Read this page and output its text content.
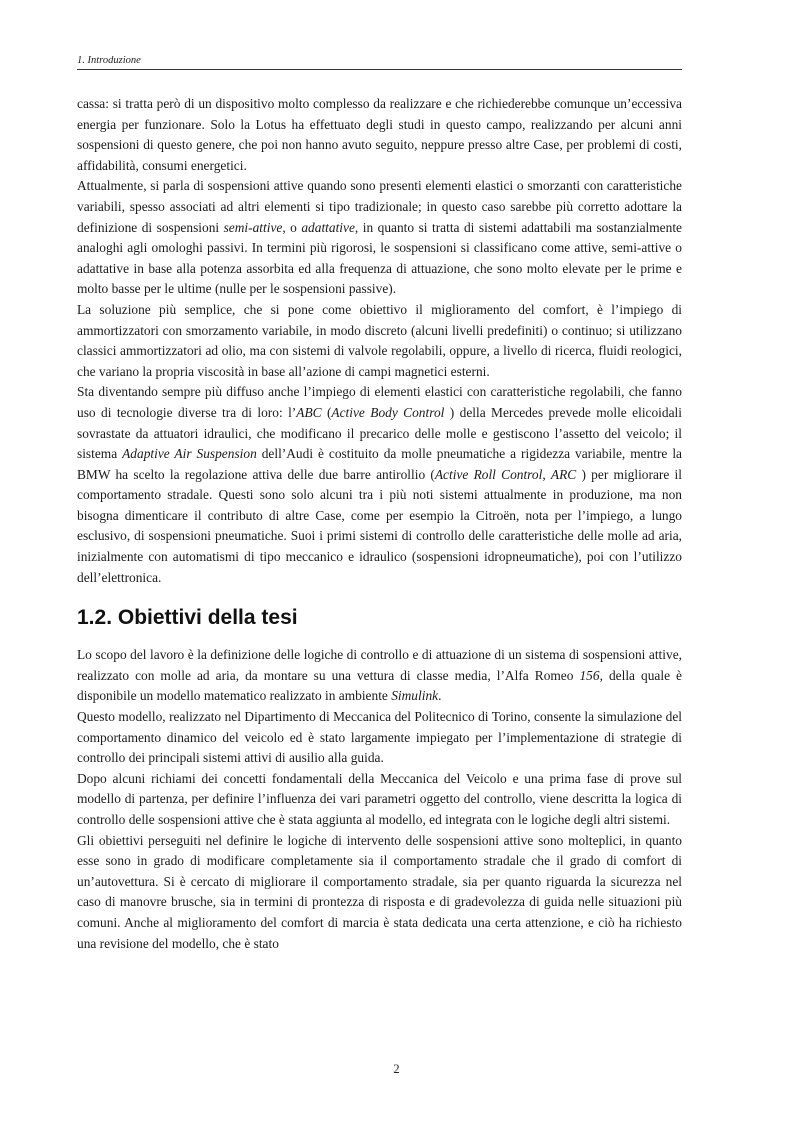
1. Introduzione

cassa: si tratta però di un dispositivo molto complesso da realizzare e che richiederebbe comunque un’eccessiva energia per funzionare. Solo la Lotus ha effettuato degli studi in questo campo, realizzando per alcuni anni sospensioni di questo genere, che poi non hanno avuto seguito, neppure presso altre Case, per problemi di costi, affidabilità, consumi energetici.

Attualmente, si parla di sospensioni attive quando sono presenti elementi elastici o smorzanti con caratteristiche variabili, spesso associati ad altri elementi si tipo tradizionale; in questo caso sarebbe più corretto adottare la definizione di sospensioni semi-attive, o adattative, in quanto si tratta di sistemi adattabili ma sostanzialmente analoghi agli omologhi passivi. In termini più rigorosi, le sospensioni si classificano come attive, semi-attive o adattative in base alla potenza assorbita ed alla frequenza di attuazione, che sono molto elevate per le prime e molto basse per le ultime (nulle per le sospensioni passive).

La soluzione più semplice, che si pone come obiettivo il miglioramento del comfort, è l’impiego di ammortizzatori con smorzamento variabile, in modo discreto (alcuni livelli predefiniti) o continuo; si utilizzano classici ammortizzatori ad olio, ma con sistemi di valvole regolabili, oppure, a livello di ricerca, fluidi reologici, che variano la propria viscosità in base all’azione di campi magnetici esterni.

Sta diventando sempre più diffuso anche l’impiego di elementi elastici con caratteristiche regolabili, che fanno uso di tecnologie diverse tra di loro: l’ABC (Active Body Control ) della Mercedes prevede molle elicoidali sovrastate da attuatori idraulici, che modificano il precarico delle molle e gestiscono l’assetto del veicolo; il sistema Adaptive Air Suspension dell’Audi è costituito da molle pneumatiche a rigidezza variabile, mentre la BMW ha scelto la regolazione attiva delle due barre antirollio (Active Roll Control, ARC ) per migliorare il comportamento stradale. Questi sono solo alcuni tra i più noti sistemi attualmente in produzione, ma non bisogna dimenticare il contributo di altre Case, come per esempio la Citroën, nota per l’impiego, a lungo esclusivo, di sospensioni pneumatiche. Suoi i primi sistemi di controllo delle caratteristiche delle molle ad aria, inizialmente con automatismi di tipo meccanico e idraulico (sospensioni idropneumatiche), poi con l’utilizzo dell’elettronica.

1.2. Obiettivi della tesi

Lo scopo del lavoro è la definizione delle logiche di controllo e di attuazione di un sistema di sospensioni attive, realizzato con molle ad aria, da montare su una vettura di classe media, l’Alfa Romeo 156, della quale è disponibile un modello matematico realizzato in ambiente Simulink.

Questo modello, realizzato nel Dipartimento di Meccanica del Politecnico di Torino, consente la simulazione del comportamento dinamico del veicolo ed è stato largamente impiegato per l’implementazione di strategie di controllo dei principali sistemi attivi di ausilio alla guida.

Dopo alcuni richiami dei concetti fondamentali della Meccanica del Veicolo e una prima fase di prove sul modello di partenza, per definire l’influenza dei vari parametri oggetto del controllo, viene descritta la logica di controllo delle sospensioni attive che è stata aggiunta al modello, ed integrata con le logiche degli altri sistemi.

Gli obiettivi perseguiti nel definire le logiche di intervento delle sospensioni attive sono molteplici, in quanto esse sono in grado di modificare completamente sia il comportamento stradale che il grado di comfort di un’autovettura. Si è cercato di migliorare il comportamento stradale, sia per quanto riguarda la sicurezza nel caso di manovre brusche, sia in termini di prontezza di risposta e di gradevolezza di guida nelle situazioni più comuni. Anche al miglioramento del comfort di marcia è stata dedicata una certa attenzione, e ciò ha richiesto una revisione del modello, che è stato

2
